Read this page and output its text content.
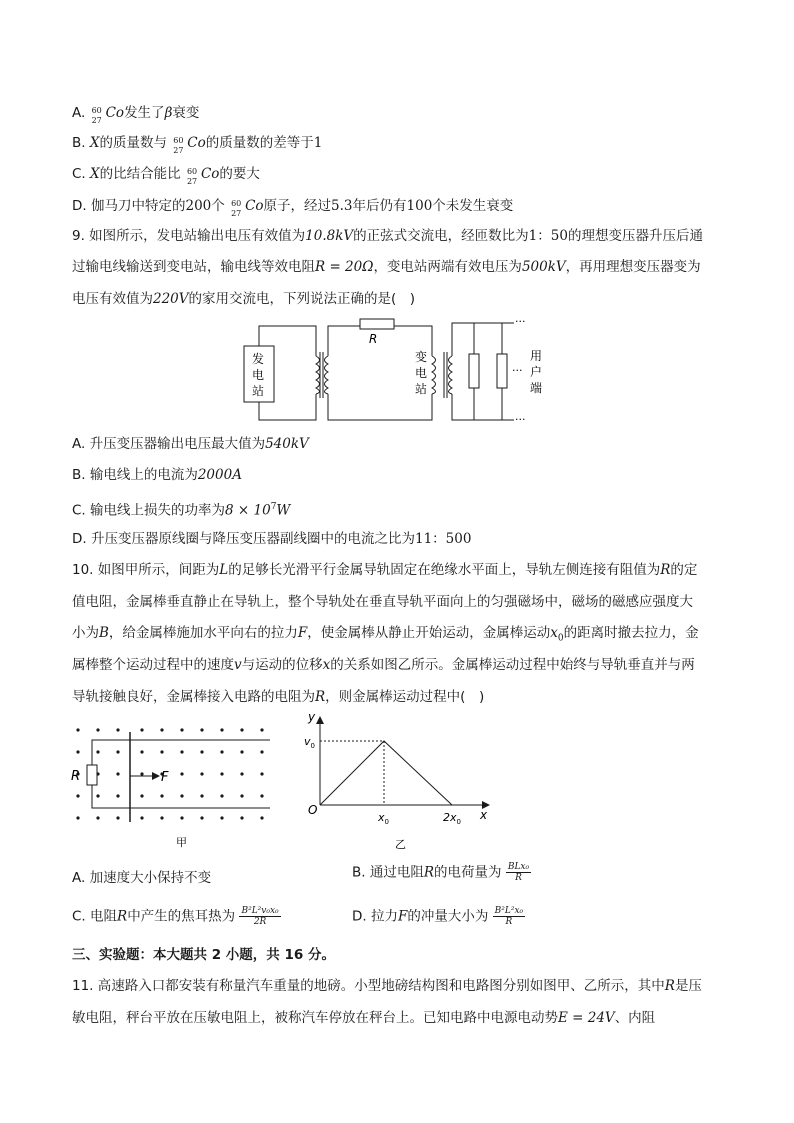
A. 60
27 Co发生了β衰变
B. X的质量数与 60
27 Co的质量数的差等于1
C. X的比结合能比 60
27 Co的要大
D. 伽马刀中特定的200个 60
27 Co原子，经过5.3年后仍有100个未发生衰变
9. 如图所示，发电站输出电压有效值为10.8kV的正弦式交流电，经匝数比为1：50的理想变压器升压后通
过输电线输送到变电站，输电线等效电阻R = 20Ω，变电站两端有效电压为500kV，再用理想变压器变为
电压有效值为220V的家用交流电，下列说法正确的是(　)
R
发
电
站
变
电
站
用
户
端
···
···
···
A. 升压变压器输出电压最大值为540kV
B. 输电线上的电流为2000A
C. 输电线上损失的功率为$8 \times 10^7W$
D. 升压变压器原线圈与降压变压器副线圈中的电流之比为11：500
10. 如图甲所示，间距为L的足够长光滑平行金属导轨固定在绝缘水平面上，导轨左侧连接有阻值为R的定
值电阻，金属棒垂直静止在导轨上，整个导轨处在垂直导轨平面向上的匀强磁场中，磁场的磁感应强度大
小为B，给金属棒施加水平向右的拉力F，使金属棒从静止开始运动，金属棒运动$x_0$的距离时撤去拉力，金
属棒整个运动过程中的速度v与运动的位移x的关系如图乙所示。金属棒运动过程中始终与导轨垂直并与两
导轨接触良好，金属棒接入电路的电阻为R，则金属棒运动过程中(　)
R	F
甲
y
$v_0$
O
$x_0$	$2x_0$ x
乙
A. 加速度大小保持不变	B. 通过电阻R的电荷量为 $\frac{\text{BLx₀}}{R}$
C. 电阻R中产生的焦耳热为 $\frac{\text{B²L²v₀x₀}}{2R}$	D. 拉力F的冲量大小为 $\frac{\text{B²L²x₀}}{R}$
三、实验题：本大题共 2 小题，共 16 分。
11. 高速路入口都安装有称量汽车重量的地磅。小型地磅结构图和电路图分别如图甲、乙所示，其中R是压
敏电阻，秤台平放在压敏电阻上，被称汽车停放在秤台上。已知电路中电源电动势E = 24V、内阻
